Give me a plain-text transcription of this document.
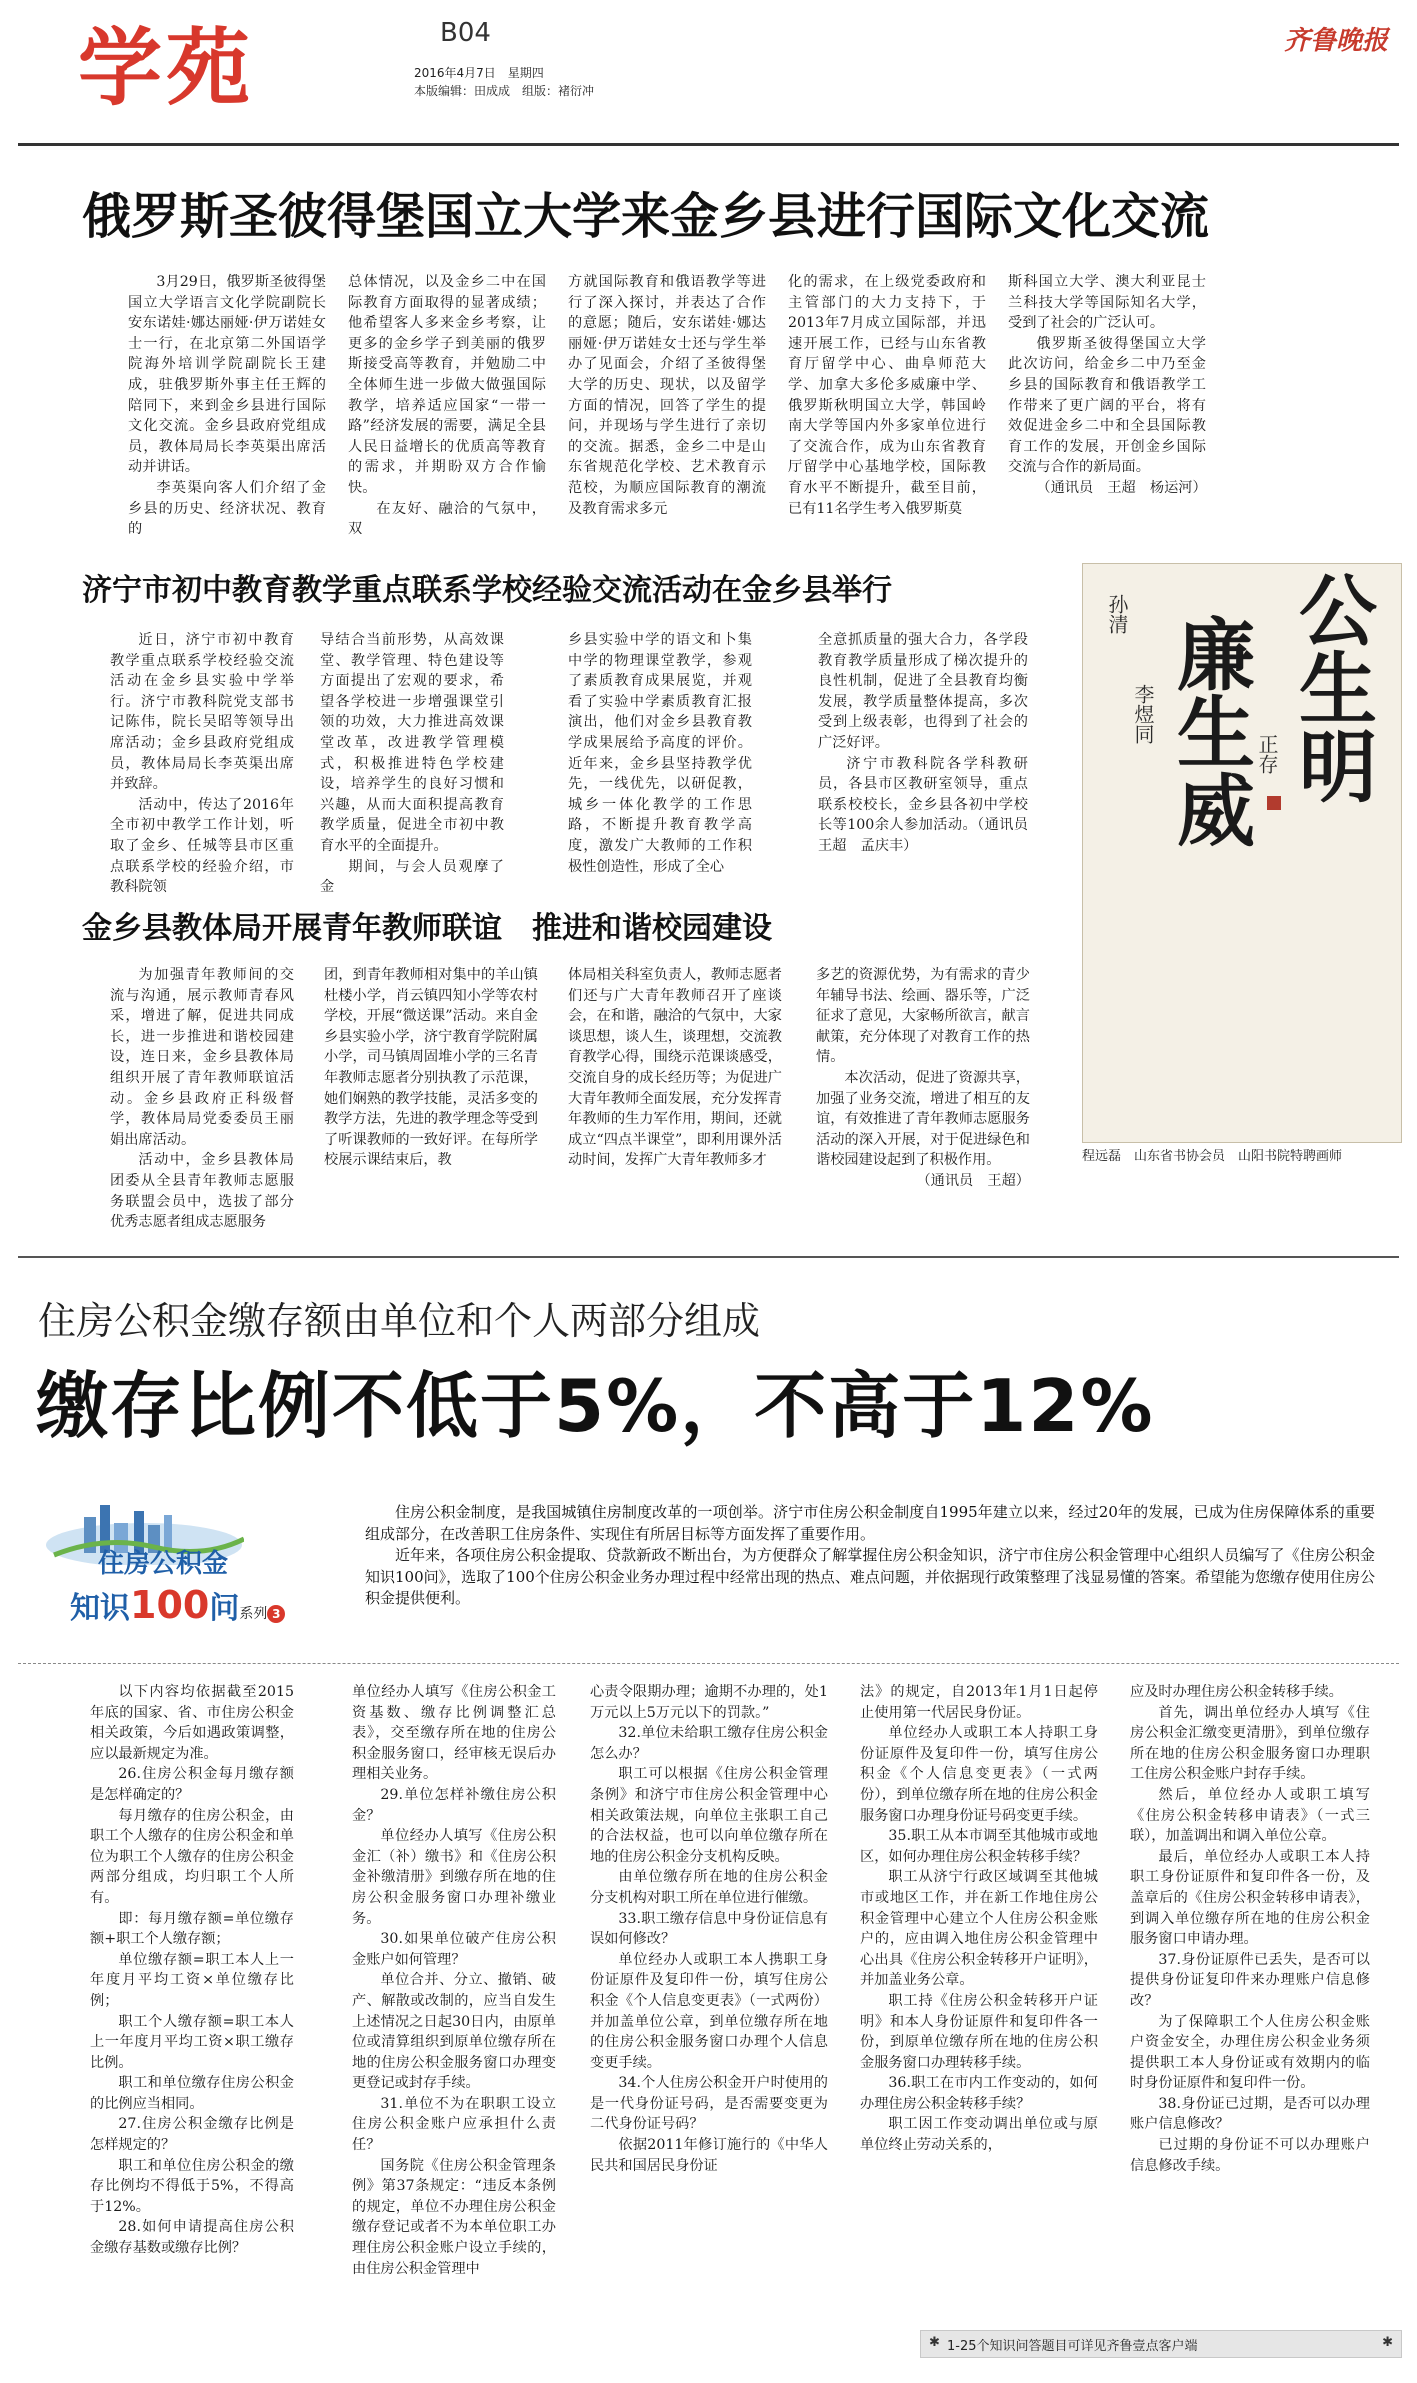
学苑	B04
2016年4月7日　星期四
本版编辑：田成成　组版：褚衍冲
齐鲁晚报
俄罗斯圣彼得堡国立大学来金乡县进行国际文化交流

3月29日，俄罗斯圣彼得堡国立大学语言文化学院副院长安东诺娃·娜达丽娅·伊万诺娃女士一行，在北京第二外国语学院海外培训学院副院长王建成，驻俄罗斯外事主任王辉的陪同下，来到金乡县进行国际文化交流。金乡县政府党组成员，教体局局长李英渠出席活动并讲话。

李英渠向客人们介绍了金乡县的历史、经济状况、教育的

总体情况，以及金乡二中在国际教育方面取得的显著成绩；他希望客人多来金乡考察，让更多的金乡学子到美丽的俄罗斯接受高等教育，并勉励二中全体师生进一步做大做强国际教学，培养适应国家“一带一路”经济发展的需要，满足全县人民日益增长的优质高等教育的需求，并期盼双方合作愉快。

在友好、融洽的气氛中，双

方就国际教育和俄语教学等进行了深入探讨，并表达了合作的意愿；随后，安东诺娃·娜达丽娅·伊万诺娃女士还与学生举办了见面会，介绍了圣彼得堡大学的历史、现状，以及留学方面的情况，回答了学生的提问，并现场与学生进行了亲切的交流。据悉，金乡二中是山东省规范化学校、艺术教育示范校，为顺应国际教育的潮流及教育需求多元

化的需求，在上级党委政府和主管部门的大力支持下，于2013年7月成立国际部，并迅速开展工作，已经与山东省教育厅留学中心、曲阜师范大学、加拿大多伦多威廉中学、俄罗斯秋明国立大学，韩国岭南大学等国内外多家单位进行了交流合作，成为山东省教育厅留学中心基地学校，国际教育水平不断提升，截至目前，已有11名学生考入俄罗斯莫

斯科国立大学、澳大利亚昆士兰科技大学等国际知名大学，受到了社会的广泛认可。

俄罗斯圣彼得堡国立大学此次访问，给金乡二中乃至金乡县的国际教育和俄语教学工作带来了更广阔的平台，将有效促进金乡二中和全县国际教育工作的发展，开创金乡国际交流与合作的新局面。

（通讯员　王超　杨运河）

济宁市初中教育教学重点联系学校经验交流活动在金乡县举行

近日，济宁市初中教育教学重点联系学校经验交流活动在金乡县实验中学举行。济宁市教科院党支部书记陈伟，院长吴昭等领导出席活动；金乡县政府党组成员，教体局局长李英渠出席并致辞。

活动中，传达了2016年全市初中教学工作计划，听取了金乡、任城等县市区重点联系学校的经验介绍，市教科院领

导结合当前形势，从高效课堂、教学管理、特色建设等方面提出了宏观的要求，希望各学校进一步增强课堂引领的功效，大力推进高效课堂改革，改进教学管理模式，积极推进特色学校建设，培养学生的良好习惯和兴趣，从而大面积提高教育教学质量，促进全市初中教育水平的全面提升。

期间，与会人员观摩了金

乡县实验中学的语文和卜集中学的物理课堂教学，参观了素质教育成果展览，并观看了实验中学素质教育汇报演出，他们对金乡县教育教学成果展给予高度的评价。近年来，金乡县坚持教学优先，一线优先，以研促教，城乡一体化教学的工作思路，不断提升教育教学高度，激发广大教师的工作积极性创造性，形成了全心

全意抓质量的强大合力，各学段教育教学质量形成了梯次提升的良性机制，促进了全县教育均衡发展，教学质量整体提高，多次受到上级表彰，也得到了社会的广泛好评。

济宁市教科院各学科教研员，各县市区教研室领导，重点联系校校长，金乡县各初中学校长等100余人参加活动。（通讯员　王超　孟庆丰）

金乡县教体局开展青年教师联谊　推进和谐校园建设

为加强青年教师间的交流与沟通，展示教师青春风采，增进了解，促进共同成长，进一步推进和谐校园建设，连日来，金乡县教体局组织开展了青年教师联谊活动。金乡县政府正科级督学，教体局局党委委员王丽娟出席活动。

活动中，金乡县教体局团委从全县青年教师志愿服务联盟会员中，选拔了部分优秀志愿者组成志愿服务

团，到青年教师相对集中的羊山镇杜楼小学，肖云镇四知小学等农村学校，开展“微送课”活动。来自金乡县实验小学，济宁教育学院附属小学，司马镇周固堆小学的三名青年教师志愿者分别执教了示范课，她们娴熟的教学技能，灵活多变的教学方法，先进的教学理念等受到了听课教师的一致好评。在每所学校展示课结束后，教

体局相关科室负责人，教师志愿者们还与广大青年教师召开了座谈会，在和谐，融洽的气氛中，大家谈思想，谈人生，谈理想，交流教育教学心得，围绕示范课谈感受，交流自身的成长经历等；为促进广大青年教师全面发展，充分发挥青年教师的生力军作用，期间，还就成立“四点半课堂”，即利用课外活动时间，发挥广大青年教师多才

多艺的资源优势，为有需求的青少年辅导书法、绘画、器乐等，广泛征求了意见，大家畅所欲言，献言献策，充分体现了对教育工作的热情。

本次活动，促进了资源共享，加强了业务交流，增进了相互的友谊，有效推进了青年教师志愿服务活动的深入开展，对于促进绿色和谐校园建设起到了积极作用。

（通讯员　王超）

公生明
廉生威
孙清
李煜同
正存
程远磊　山东省书协会员　山阳书院特聘画师
住房公积金缴存额由单位和个人两部分组成
缴存比例不低于5%，不高于12%
住房公积金
知识100问系列 3

住房公积金制度，是我国城镇住房制度改革的一项创举。济宁市住房公积金制度自1995年建立以来，经过20年的发展，已成为住房保障体系的重要组成部分，在改善职工住房条件、实现住有所居目标等方面发挥了重要作用。

近年来，各项住房公积金提取、贷款新政不断出台，为方便群众了解掌握住房公积金知识，济宁市住房公积金管理中心组织人员编写了《住房公积金知识100问》，选取了100个住房公积金业务办理过程中经常出现的热点、难点问题，并依据现行政策整理了浅显易懂的答案。希望能为您缴存使用住房公积金提供便利。

以下内容均依据截至2015年底的国家、省、市住房公积金相关政策，今后如遇政策调整，应以最新规定为准。

26.住房公积金每月缴存额是怎样确定的？

每月缴存的住房公积金，由职工个人缴存的住房公积金和单位为职工个人缴存的住房公积金两部分组成，均归职工个人所有。

即：每月缴存额=单位缴存额+职工个人缴存额；

单位缴存额=职工本人上一年度月平均工资×单位缴存比例；

职工个人缴存额=职工本人上一年度月平均工资×职工缴存比例。

职工和单位缴存住房公积金的比例应当相同。

27.住房公积金缴存比例是怎样规定的？

职工和单位住房公积金的缴存比例均不得低于5%，不得高于12%。

28.如何申请提高住房公积金缴存基数或缴存比例？

单位经办人填写《住房公积金工资基数、缴存比例调整汇总表》，交至缴存所在地的住房公积金服务窗口，经审核无误后办理相关业务。

29.单位怎样补缴住房公积金？

单位经办人填写《住房公积金汇（补）缴书》和《住房公积金补缴清册》到缴存所在地的住房公积金服务窗口办理补缴业务。

30.如果单位破产住房公积金账户如何管理？

单位合并、分立、撤销、破产、解散或改制的，应当自发生上述情况之日起30日内，由原单位或清算组织到原单位缴存所在地的住房公积金服务窗口办理变更登记或封存手续。

31.单位不为在职职工设立住房公积金账户应承担什么责任？

国务院《住房公积金管理条例》第37条规定：“违反本条例的规定，单位不办理住房公积金缴存登记或者不为本单位职工办理住房公积金账户设立手续的，由住房公积金管理中

心责令限期办理；逾期不办理的，处1万元以上5万元以下的罚款。”

32.单位未给职工缴存住房公积金怎么办？

职工可以根据《住房公积金管理条例》和济宁市住房公积金管理中心相关政策法规，向单位主张职工自己的合法权益，也可以向单位缴存所在地的住房公积金分支机构反映。

由单位缴存所在地的住房公积金分支机构对职工所在单位进行催缴。

33.职工缴存信息中身份证信息有误如何修改？

单位经办人或职工本人携职工身份证原件及复印件一份，填写住房公积金《个人信息变更表》（一式两份）并加盖单位公章，到单位缴存所在地的住房公积金服务窗口办理个人信息变更手续。

34.个人住房公积金开户时使用的是一代身份证号码，是否需要变更为二代身份证号码？

依据2011年修订施行的《中华人民共和国居民身份证

法》的规定，自2013年1月1日起停止使用第一代居民身份证。

单位经办人或职工本人持职工身份证原件及复印件一份，填写住房公积金《个人信息变更表》（一式两份），到单位缴存所在地的住房公积金服务窗口办理身份证号码变更手续。

35.职工从本市调至其他城市或地区，如何办理住房公积金转移手续？

职工从济宁行政区域调至其他城市或地区工作，并在新工作地住房公积金管理中心建立个人住房公积金账户的，应由调入地住房公积金管理中心出具《住房公积金转移开户证明》，并加盖业务公章。

职工持《住房公积金转移开户证明》和本人身份证原件和复印件各一份，到原单位缴存所在地的住房公积金服务窗口办理转移手续。

36.职工在市内工作变动的，如何办理住房公积金转移手续？

职工因工作变动调出单位或与原单位终止劳动关系的，

应及时办理住房公积金转移手续。

首先，调出单位经办人填写《住房公积金汇缴变更清册》，到单位缴存所在地的住房公积金服务窗口办理职工住房公积金账户封存手续。

然后，单位经办人或职工填写《住房公积金转移申请表》（一式三联），加盖调出和调入单位公章。

最后，单位经办人或职工本人持职工身份证原件和复印件各一份，及盖章后的《住房公积金转移申请表》，到调入单位缴存所在地的住房公积金服务窗口申请办理。

37.身份证原件已丢失，是否可以提供身份证复印件来办理账户信息修改？

为了保障职工个人住房公积金账户资金安全，办理住房公积金业务须提供职工本人身份证或有效期内的临时身份证原件和复印件一份。

38.身份证已过期，是否可以办理账户信息修改？

已过期的身份证不可以办理账户信息修改手续。

✱ 1-25个知识问答题目可详见齐鲁壹点客户端	✱
